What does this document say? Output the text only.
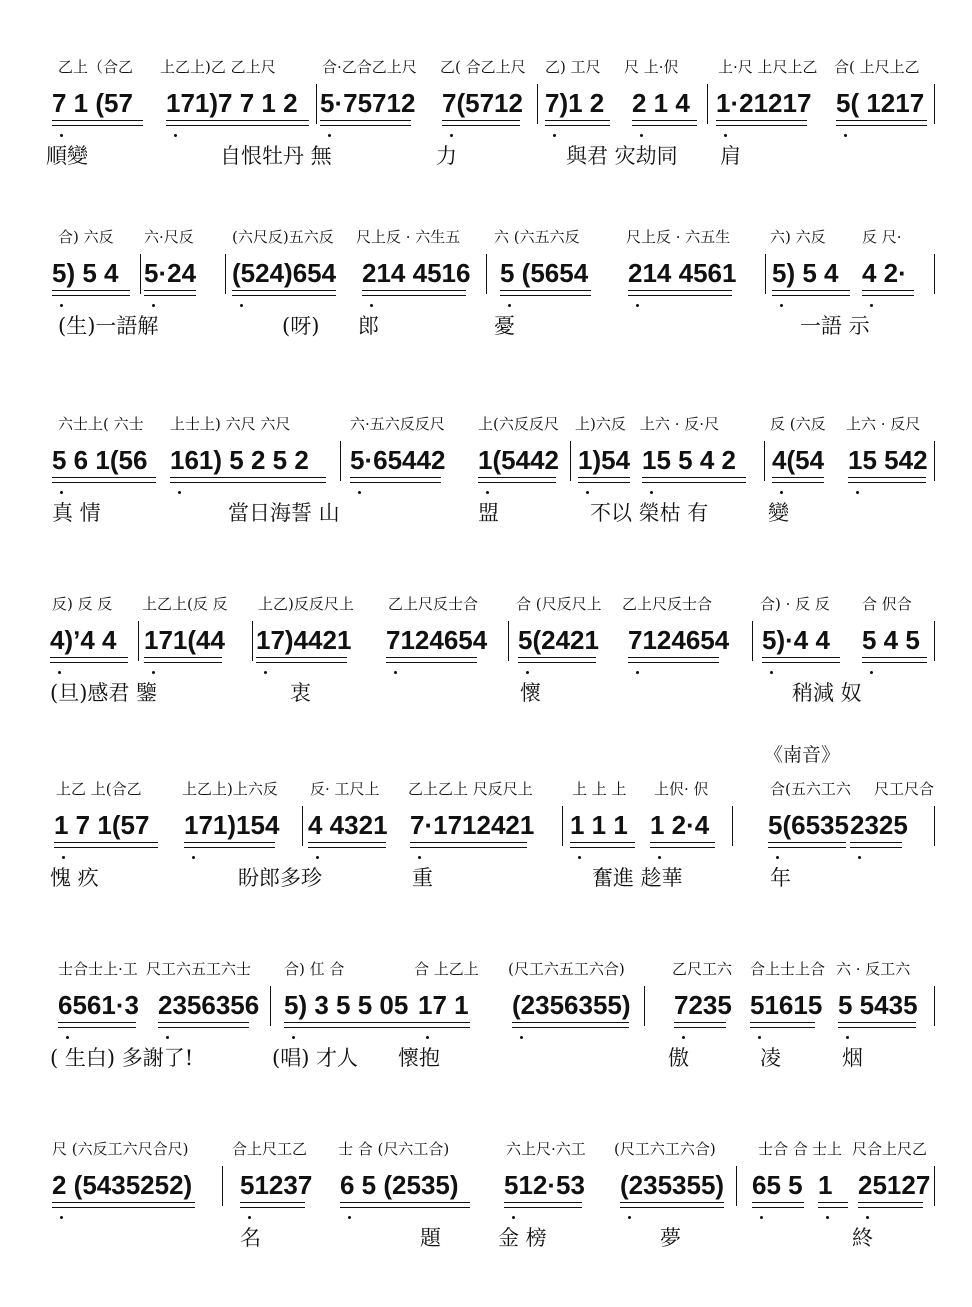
《南音》
乙上（合乙 上乙上)乙 乙上尺	合·乙合乙上尺 乙( 合乙上尺 乙) 工尺 尺 上·伬	上·尺 上尺上乙 合( 上尺上乙
7 1 (57 171)7 7 1 2 5·75712 7(5712 7)1 2 2 1 4 1·21217 5( 1217
順變	自恨牡丹 無	力	與君 灾劫同 肩
合) 六反 六·尺反	(六尺反)五六反 尺上反 · 六生五 六 (六五六反	尺上反 · 六五生	六) 六反 反 尺·
5) 5 4 5·24 (524)654 214 4516 5 (5654 214 4561 5) 5 4 4 2·
(生)一語解	(呀) 郎	憂	一語 示
六士上( 六士 上士上) 六尺 六尺	六·五六反反尺 上(六反反尺 上)六反 上六 · 反·尺	反 (六反 上六 · 反尺
5 6 1(56 161) 5 2 5 2 5·65442 1(5442 1)54 15 5 4 2 4(54 15 542
真 情	當日海誓 山	盟	不以 榮枯 有	變
反) 反 反 上乙上(反 反 上乙)反反尺上 乙上尺反士合	合 (尺反尺上 乙上尺反士合	合) · 反 反 合 伬合
4)ʼ4 4 171(44 17)4421 7124654 5(2421 7124654 5)·4 4 5 4 5
(旦)感君 鑒	衷	懷	稍減 奴
上乙 上(合乙	上乙上)上六反 反· 工尺上 乙上乙上 尺反尺上	上 上 上 上伬· 伬	合(五六工六 尺工尺合
1 7 1(57 171)154 4 4321 7·1712421 1 1 1 1 2·4 5(6535 2325
愧 疚	盼郎多珍	重	奮進 趁華	年
士合士上·工 尺工六五工六士 合) 仜 合	合 上乙上 (尺工六五工六合)	乙尺工六 合上士上合 六 · 反工六
6561·3 2356356 5) 3 5 5 05 17 1 (2356355) 7235 51615 5 5435
( 生白) 多謝了!	(唱) 才人 懷抱	傲	凌	烟
尺 (六反工六尺合尺)	合上尺工乙 士 合 (尺六工合)	六上尺·六工 (尺工六工六合)	士合 合 士上 尺合上尺乙
2 (5435252) 51237 6 5 (2535) 512·53 (235355) 65 5 1 25127
名	題	金 榜	夢	終
